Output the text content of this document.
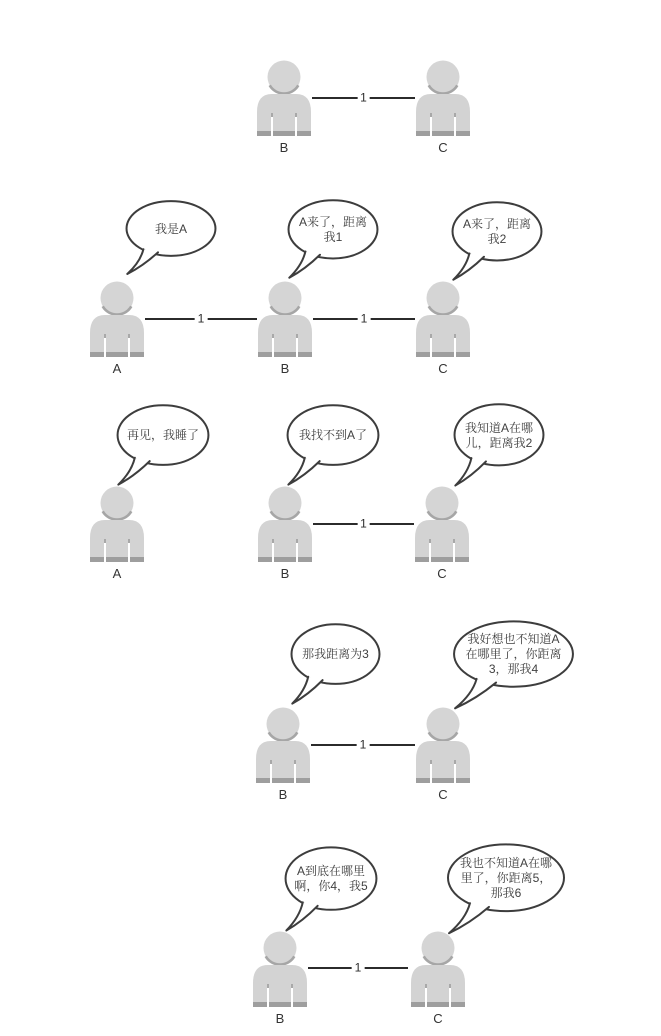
B	C
1
我是A	A来了，距离我1
A来了，距离我2
A	B	C
1	1
再见，我睡了	我找不到A了
我知道A在哪儿，距离我2
A	B	C
1
那我距离为3
我好想也不知道A在哪里了，你距离3，那我4
B	C
1
A到底在哪里啊，你4，我5
我也不知道A在哪里了，你距离5，那我6
B	C
1
